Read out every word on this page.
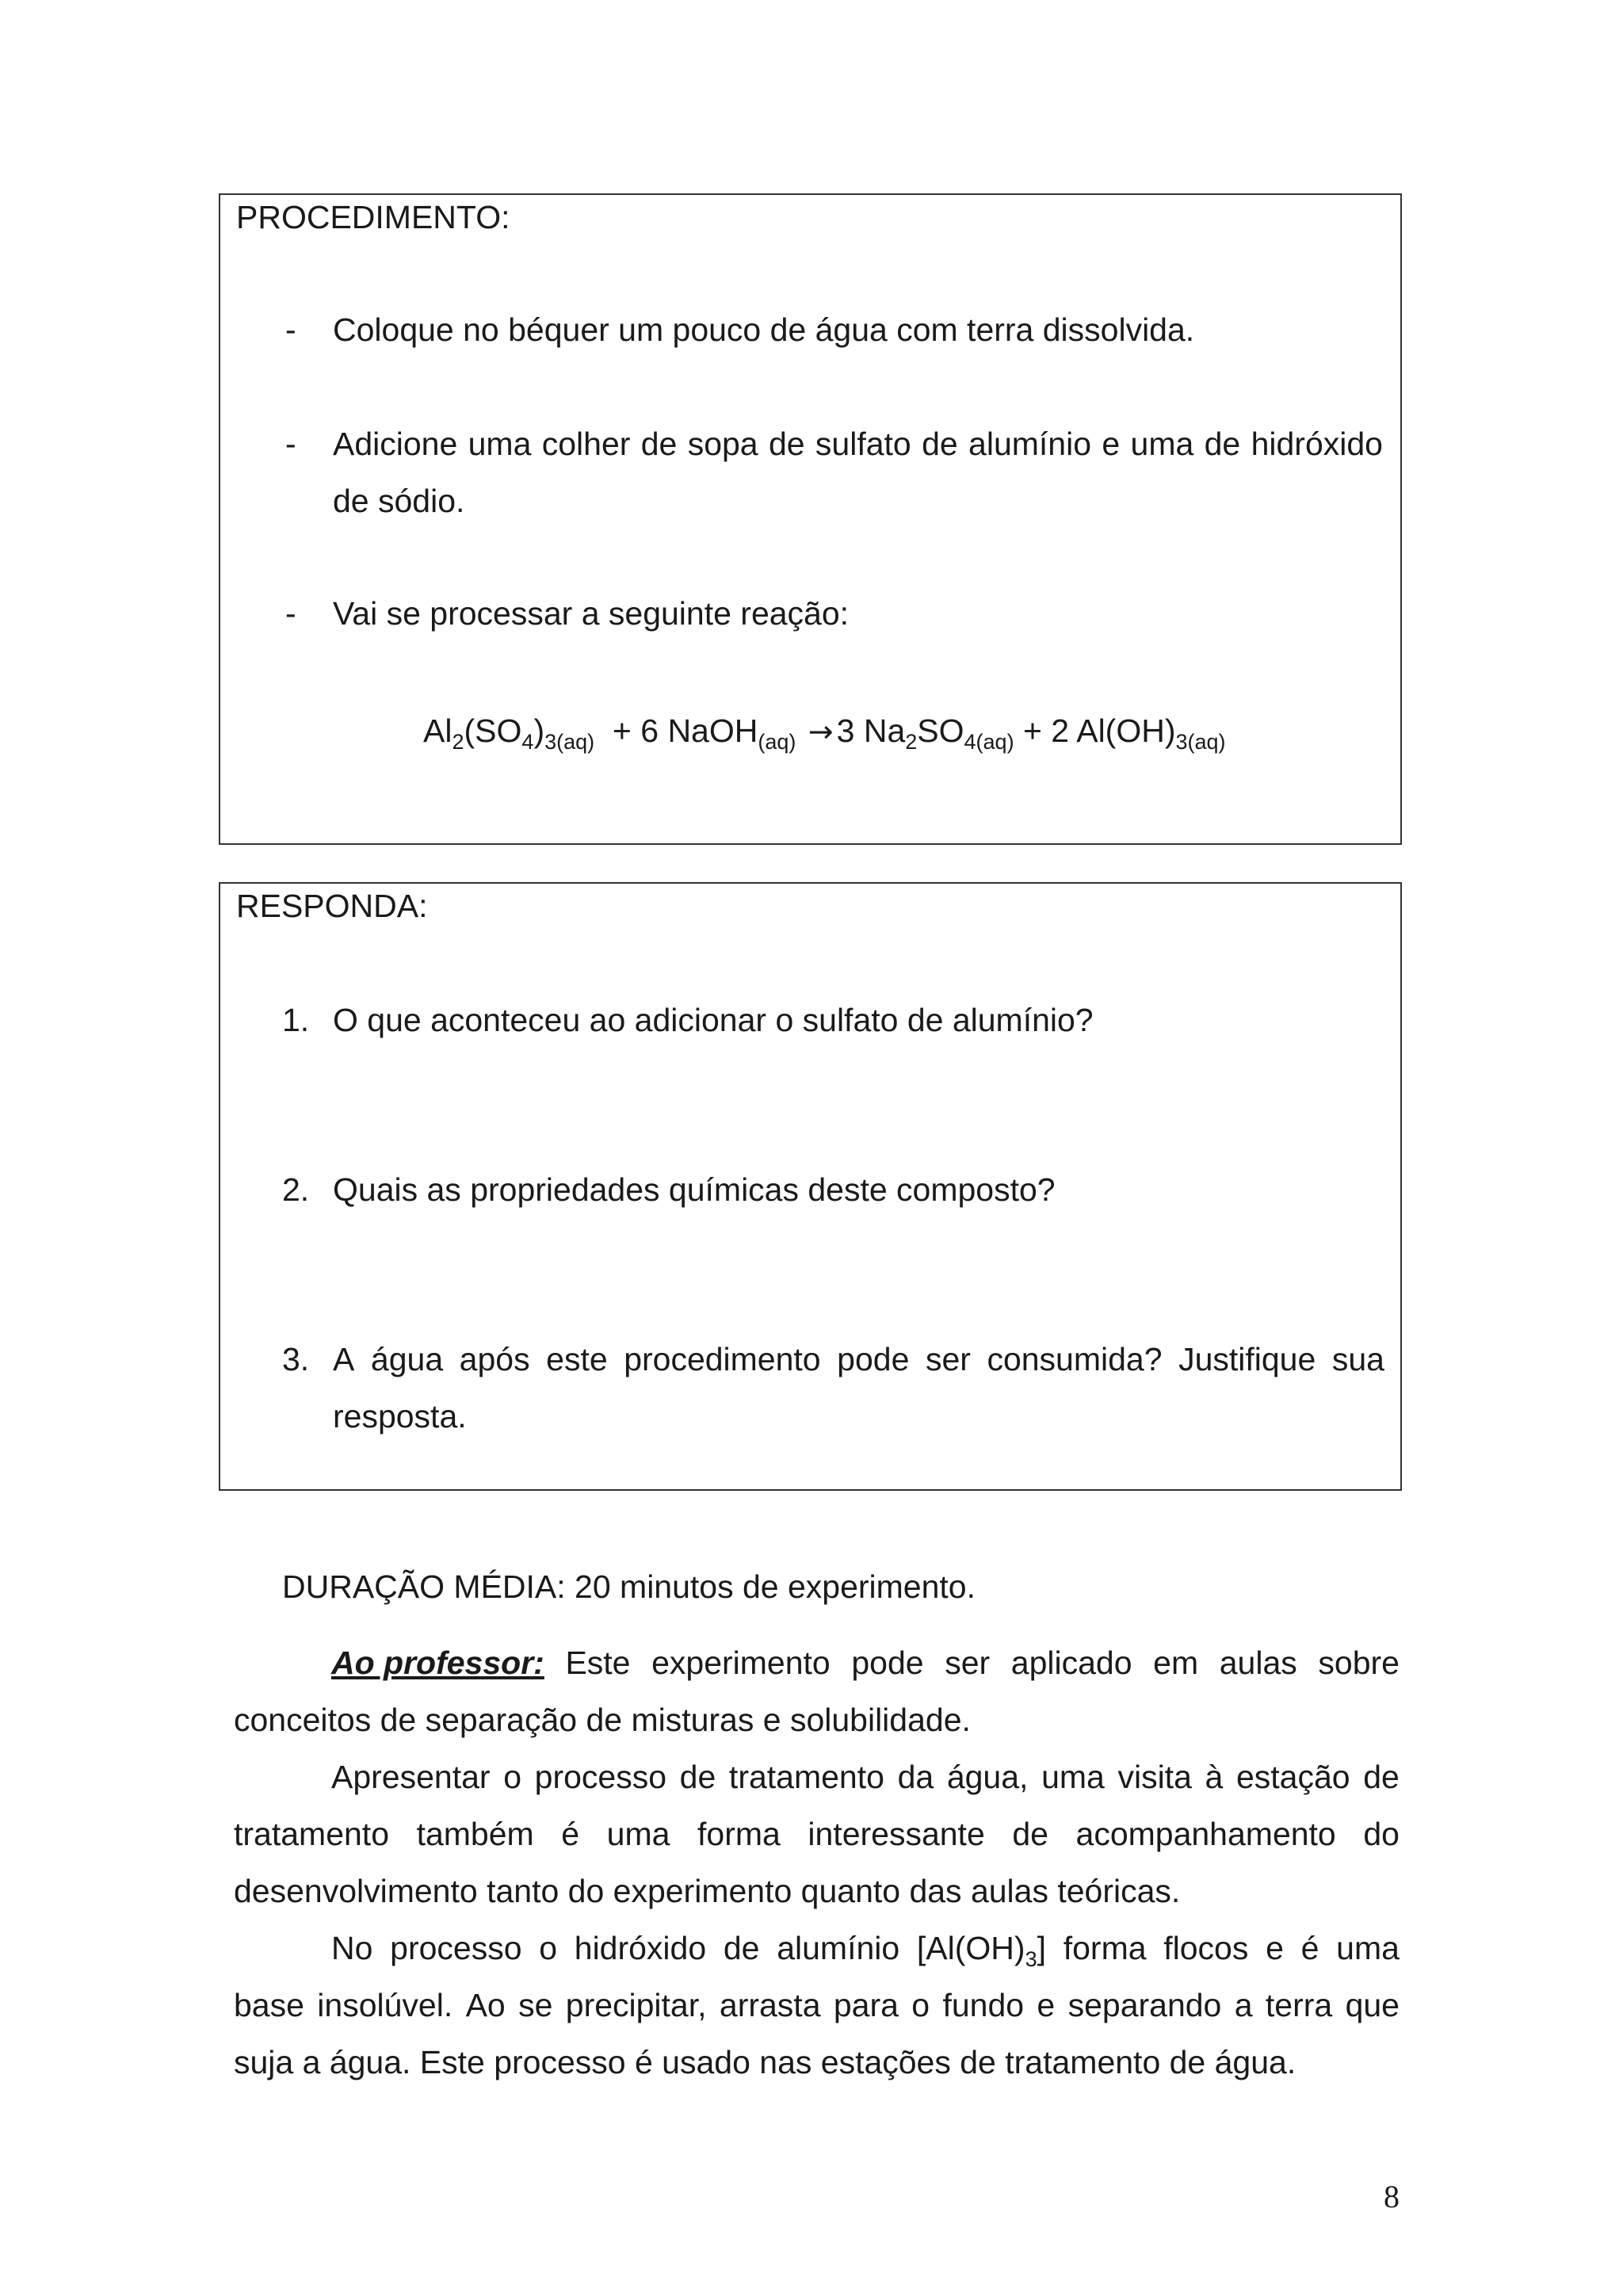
PROCEDIMENTO:
- Coloque no béquer um pouco de água com terra dissolvida.
- Adicione uma colher de sopa de sulfato de alumínio e uma de hidróxido
de sódio.
- Vai se processar a seguinte reação:
$Al_2(SO_4)_{3(aq)} + 6$ NaOH$_{(aq)}$ →3 $Na_2SO_{4(aq)} + 2$ $Al(OH)_{3(aq)}$
RESPONDA:
1. O que aconteceu ao adicionar o sulfato de alumínio?
2. Quais as propriedades químicas deste composto?
3. A água após este procedimento pode ser consumida? Justifique sua
resposta.
DURAÇÃO MÉDIA: 20 minutos de experimento.
Ao professor: Este experimento pode ser aplicado em aulas sobre
conceitos de separação de misturas e solubilidade.
Apresentar o processo de tratamento da água, uma visita à estação de
tratamento também é uma forma interessante de acompanhamento do
desenvolvimento tanto do experimento quanto das aulas teóricas.
No processo o hidróxido de alumínio $[Al(OH)_3]$ forma flocos e é uma
base insolúvel. Ao se precipitar, arrasta para o fundo e separando a terra que
suja a água. Este processo é usado nas estações de tratamento de água.
8
